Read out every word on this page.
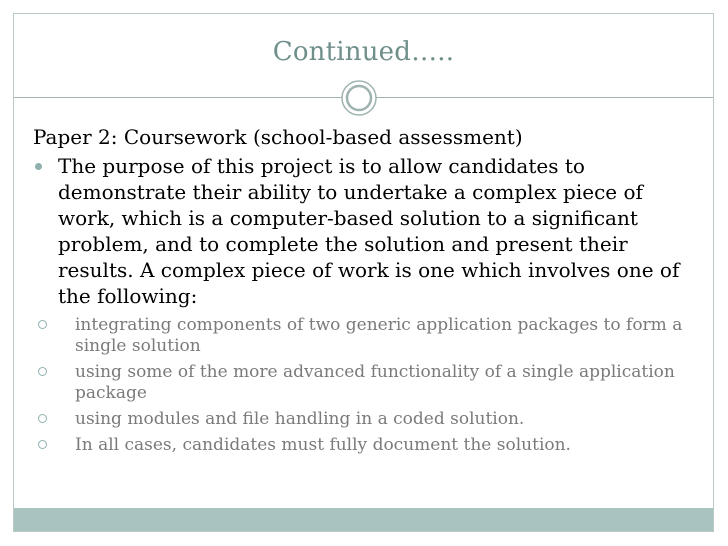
Continued…..

Paper 2: Coursework (school-based assessment)

The purpose of this project is to allow candidates to demonstrate their ability to undertake a complex piece of work, which is a computer-based solution to a significant problem, and to complete the solution and present their results. A complex piece of work is one which involves one of the following:
integrating components of two generic application packages to form a single solution
using some of the more advanced functionality of a single application package
using modules and file handling in a coded solution.
In all cases, candidates must fully document the solution.
